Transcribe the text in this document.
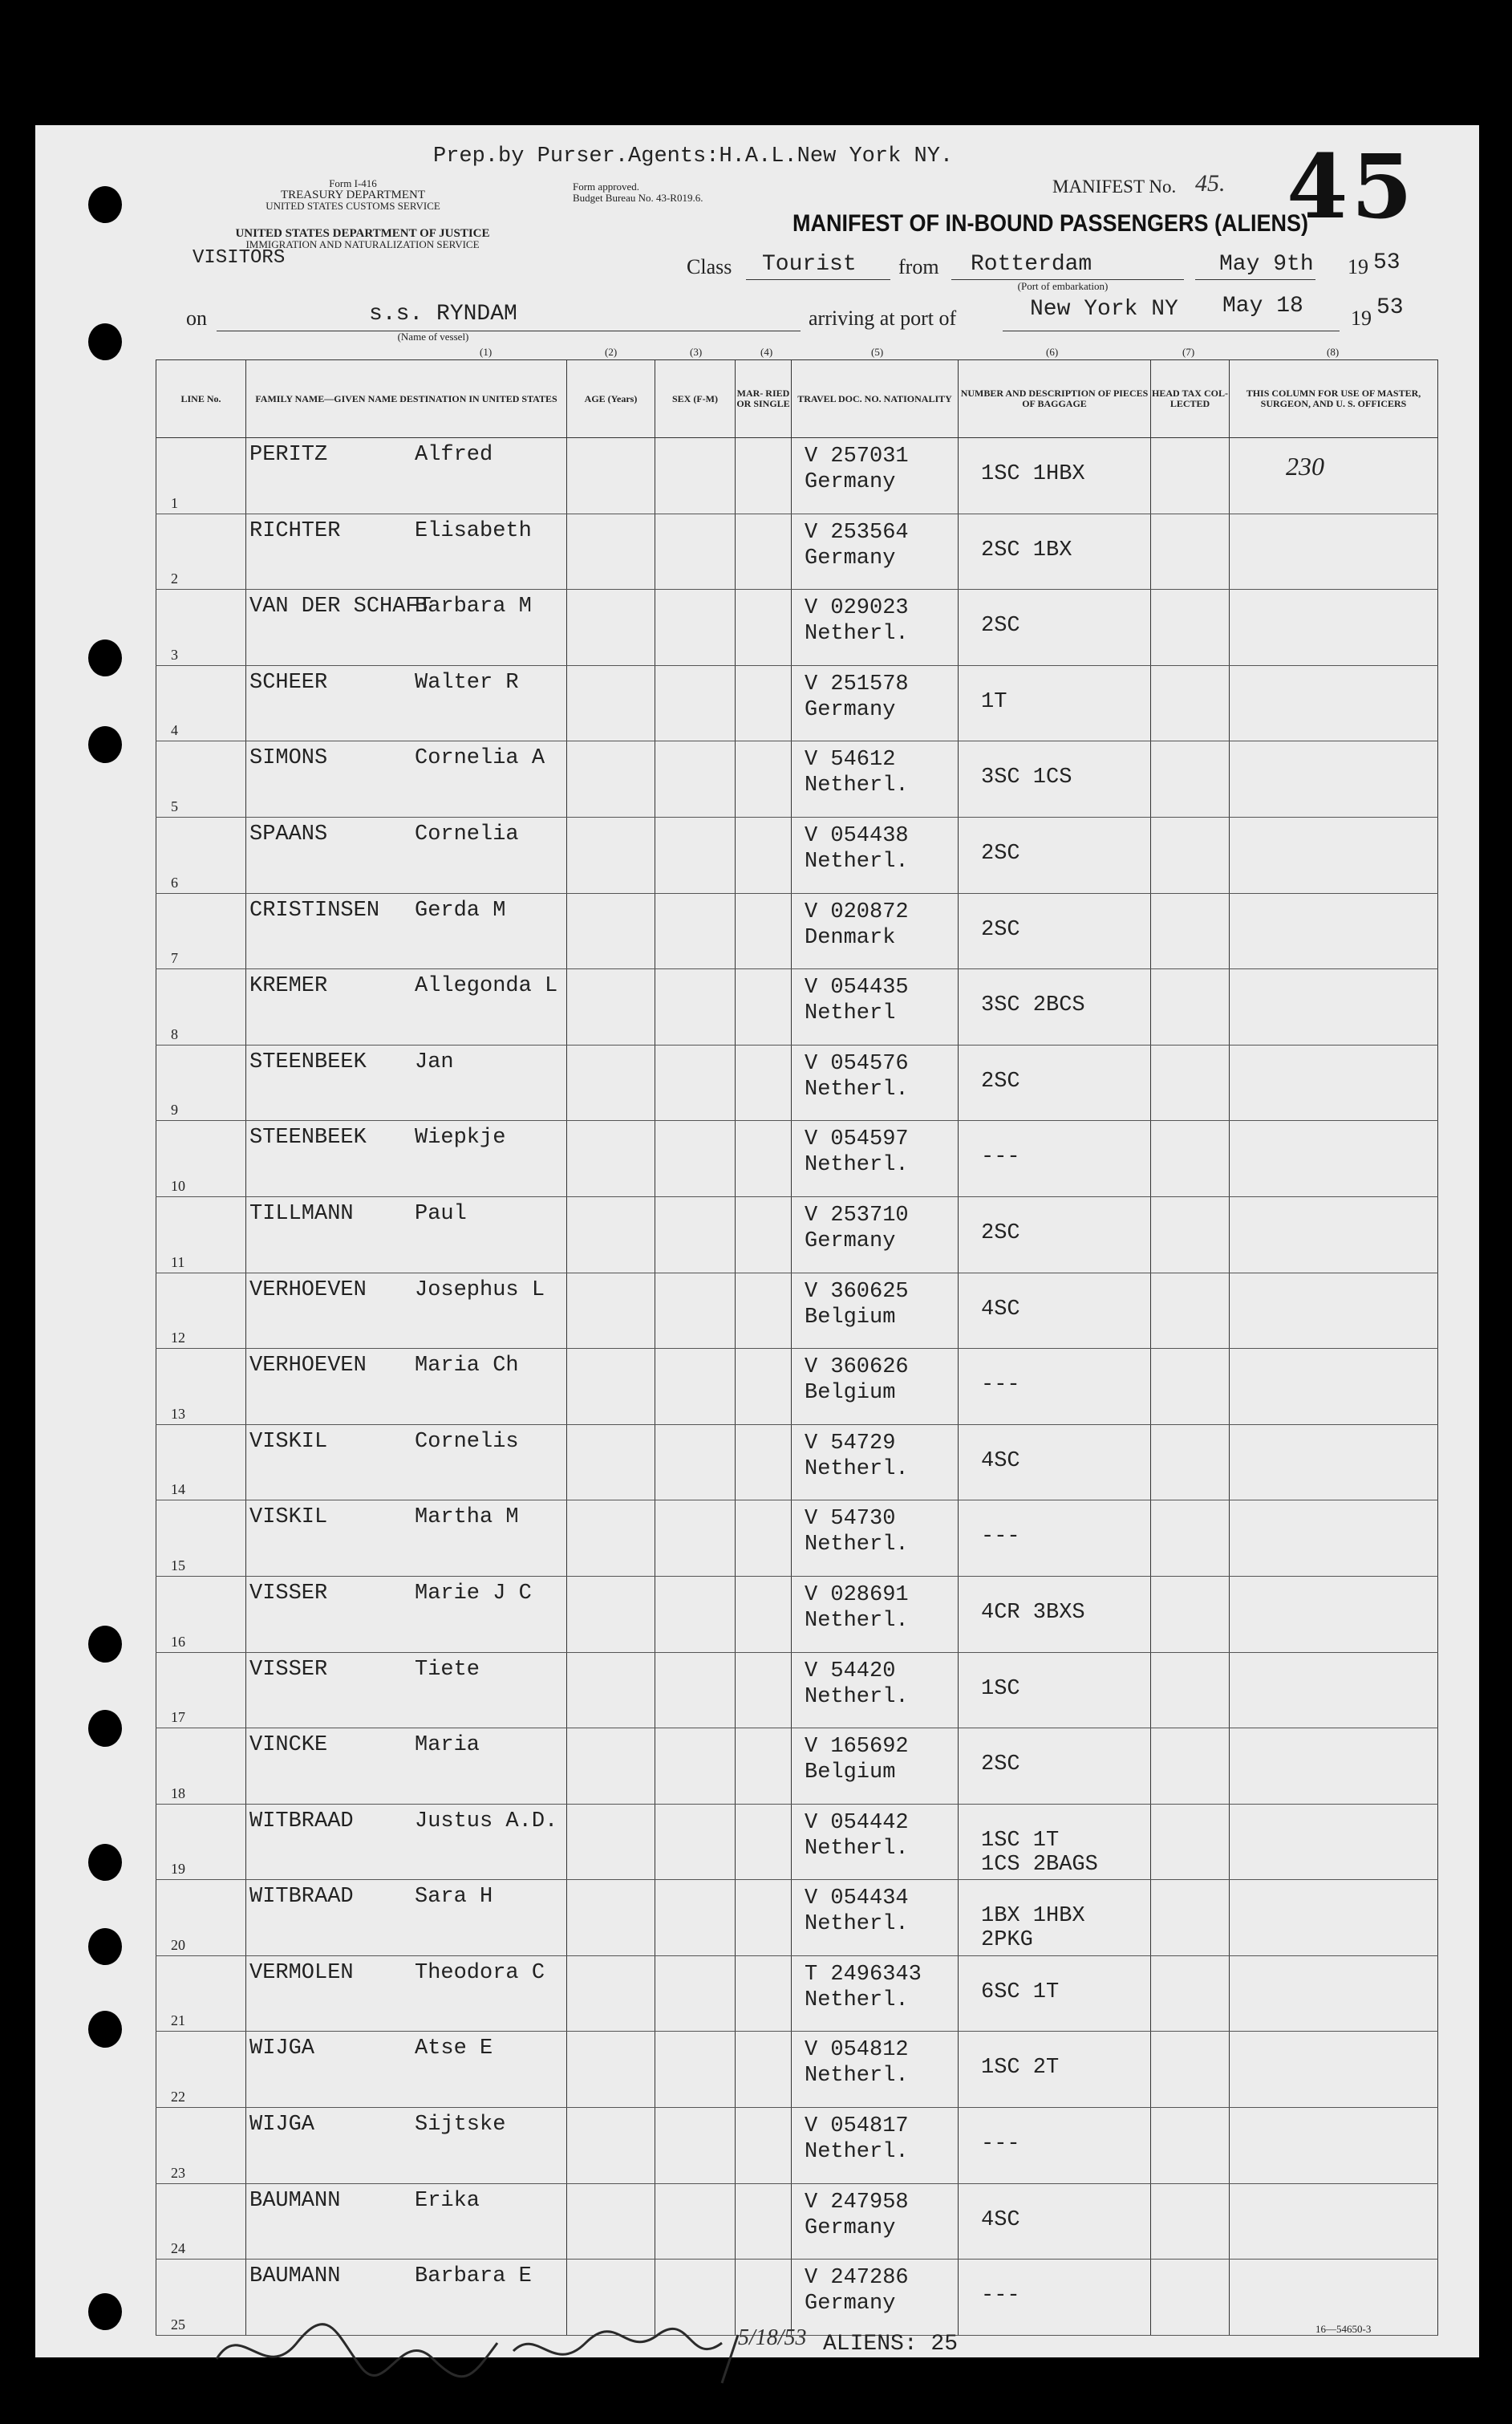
Prep.by Purser.Agents:H.A.L.New York NY.
Form I-416
TREASURY DEPARTMENT
UNITED STATES CUSTOMS SERVICE
UNITED STATES DEPARTMENT OF JUSTICE
IMMIGRATION AND NATURALIZATION SERVICE
VISITORS
Form approved.
Budget Bureau No. 43-R019.6.
MANIFEST No. 45. 45
MANIFEST OF IN-BOUND PASSENGERS (ALIENS)
Class Tourist from Rotterdam
(Port of embarkation)
May 9th 19 53
on	s.s. RYNDAM
(Name of vessel)
arriving at port of	New York NY May 18 19 53
(1)	(2)	(3)	(4)	(5)	(6)	(7)	(8)
LINE No.	FAMILY NAME—GIVEN NAME DESTINATION IN UNITED STATES	AGE (Years)	SEX (F-M)	MAR- RIED OR SINGLE	TRAVEL DOC. NO. NATIONALITY	NUMBER AND DESCRIPTION OF PIECES OF BAGGAGE	HEAD TAX COL- LECTED	THIS COLUMN FOR USE OF MASTER, SURGEON, AND U. S. OFFICERS

1	PERITZ Alfred				V 257031
Germany	1SC 1HBX		230

2	RICHTER Elisabeth				V 253564
Germany	2SC 1BX		

3	VAN DER SCHAFT
Barbara M				V 029023
Netherl.	2SC		

4	SCHEER Walter R				V 251578
Germany	1T		

5	SIMONS Cornelia A				V 54612
Netherl.	3SC 1CS		

6	SPAANS Cornelia				V 054438
Netherl.	2SC		

7	CRISTINSEN Gerda M				V 020872
Denmark	2SC		

8	KREMER Allegonda L				V 054435
Netherl	3SC 2BCS		

9	STEENBEEK Jan				V 054576
Netherl.	2SC		

10	STEENBEEK Wiepkje				V 054597
Netherl.	---		

11	TILLMANN Paul				V 253710
Germany	2SC		

12	VERHOEVEN Josephus L				V 360625
Belgium	4SC		

13	VERHOEVEN Maria Ch				V 360626
Belgium	---		

14	VISKIL Cornelis				V 54729
Netherl.	4SC		

15	VISKIL Martha M				V 54730
Netherl.	---		

16	VISSER Marie J C				V 028691
Netherl.	4CR 3BXS		

17	VISSER Tiete				V 54420
Netherl.	1SC		

18	VINCKE Maria				V 165692
Belgium	2SC		

19	WITBRAAD Justus A.D.				V 054442
Netherl.	1SC 1T
1CS 2BAGS		

20	WITBRAAD Sara H				V 054434
Netherl.	1BX 1HBX
2PKG		

21	VERMOLEN Theodora C				T 2496343
Netherl.	6SC 1T		

22	WIJGA Atse E				V 054812
Netherl.	1SC 2T		

23	WIJGA Sijtske				V 054817
Netherl.	---		

24	BAUMANN Erika				V 247958
Germany	4SC		

25	BAUMANN Barbara E				V 247286
Germany	---		

5/18/53 ALIENS: 25
16—54650-3
